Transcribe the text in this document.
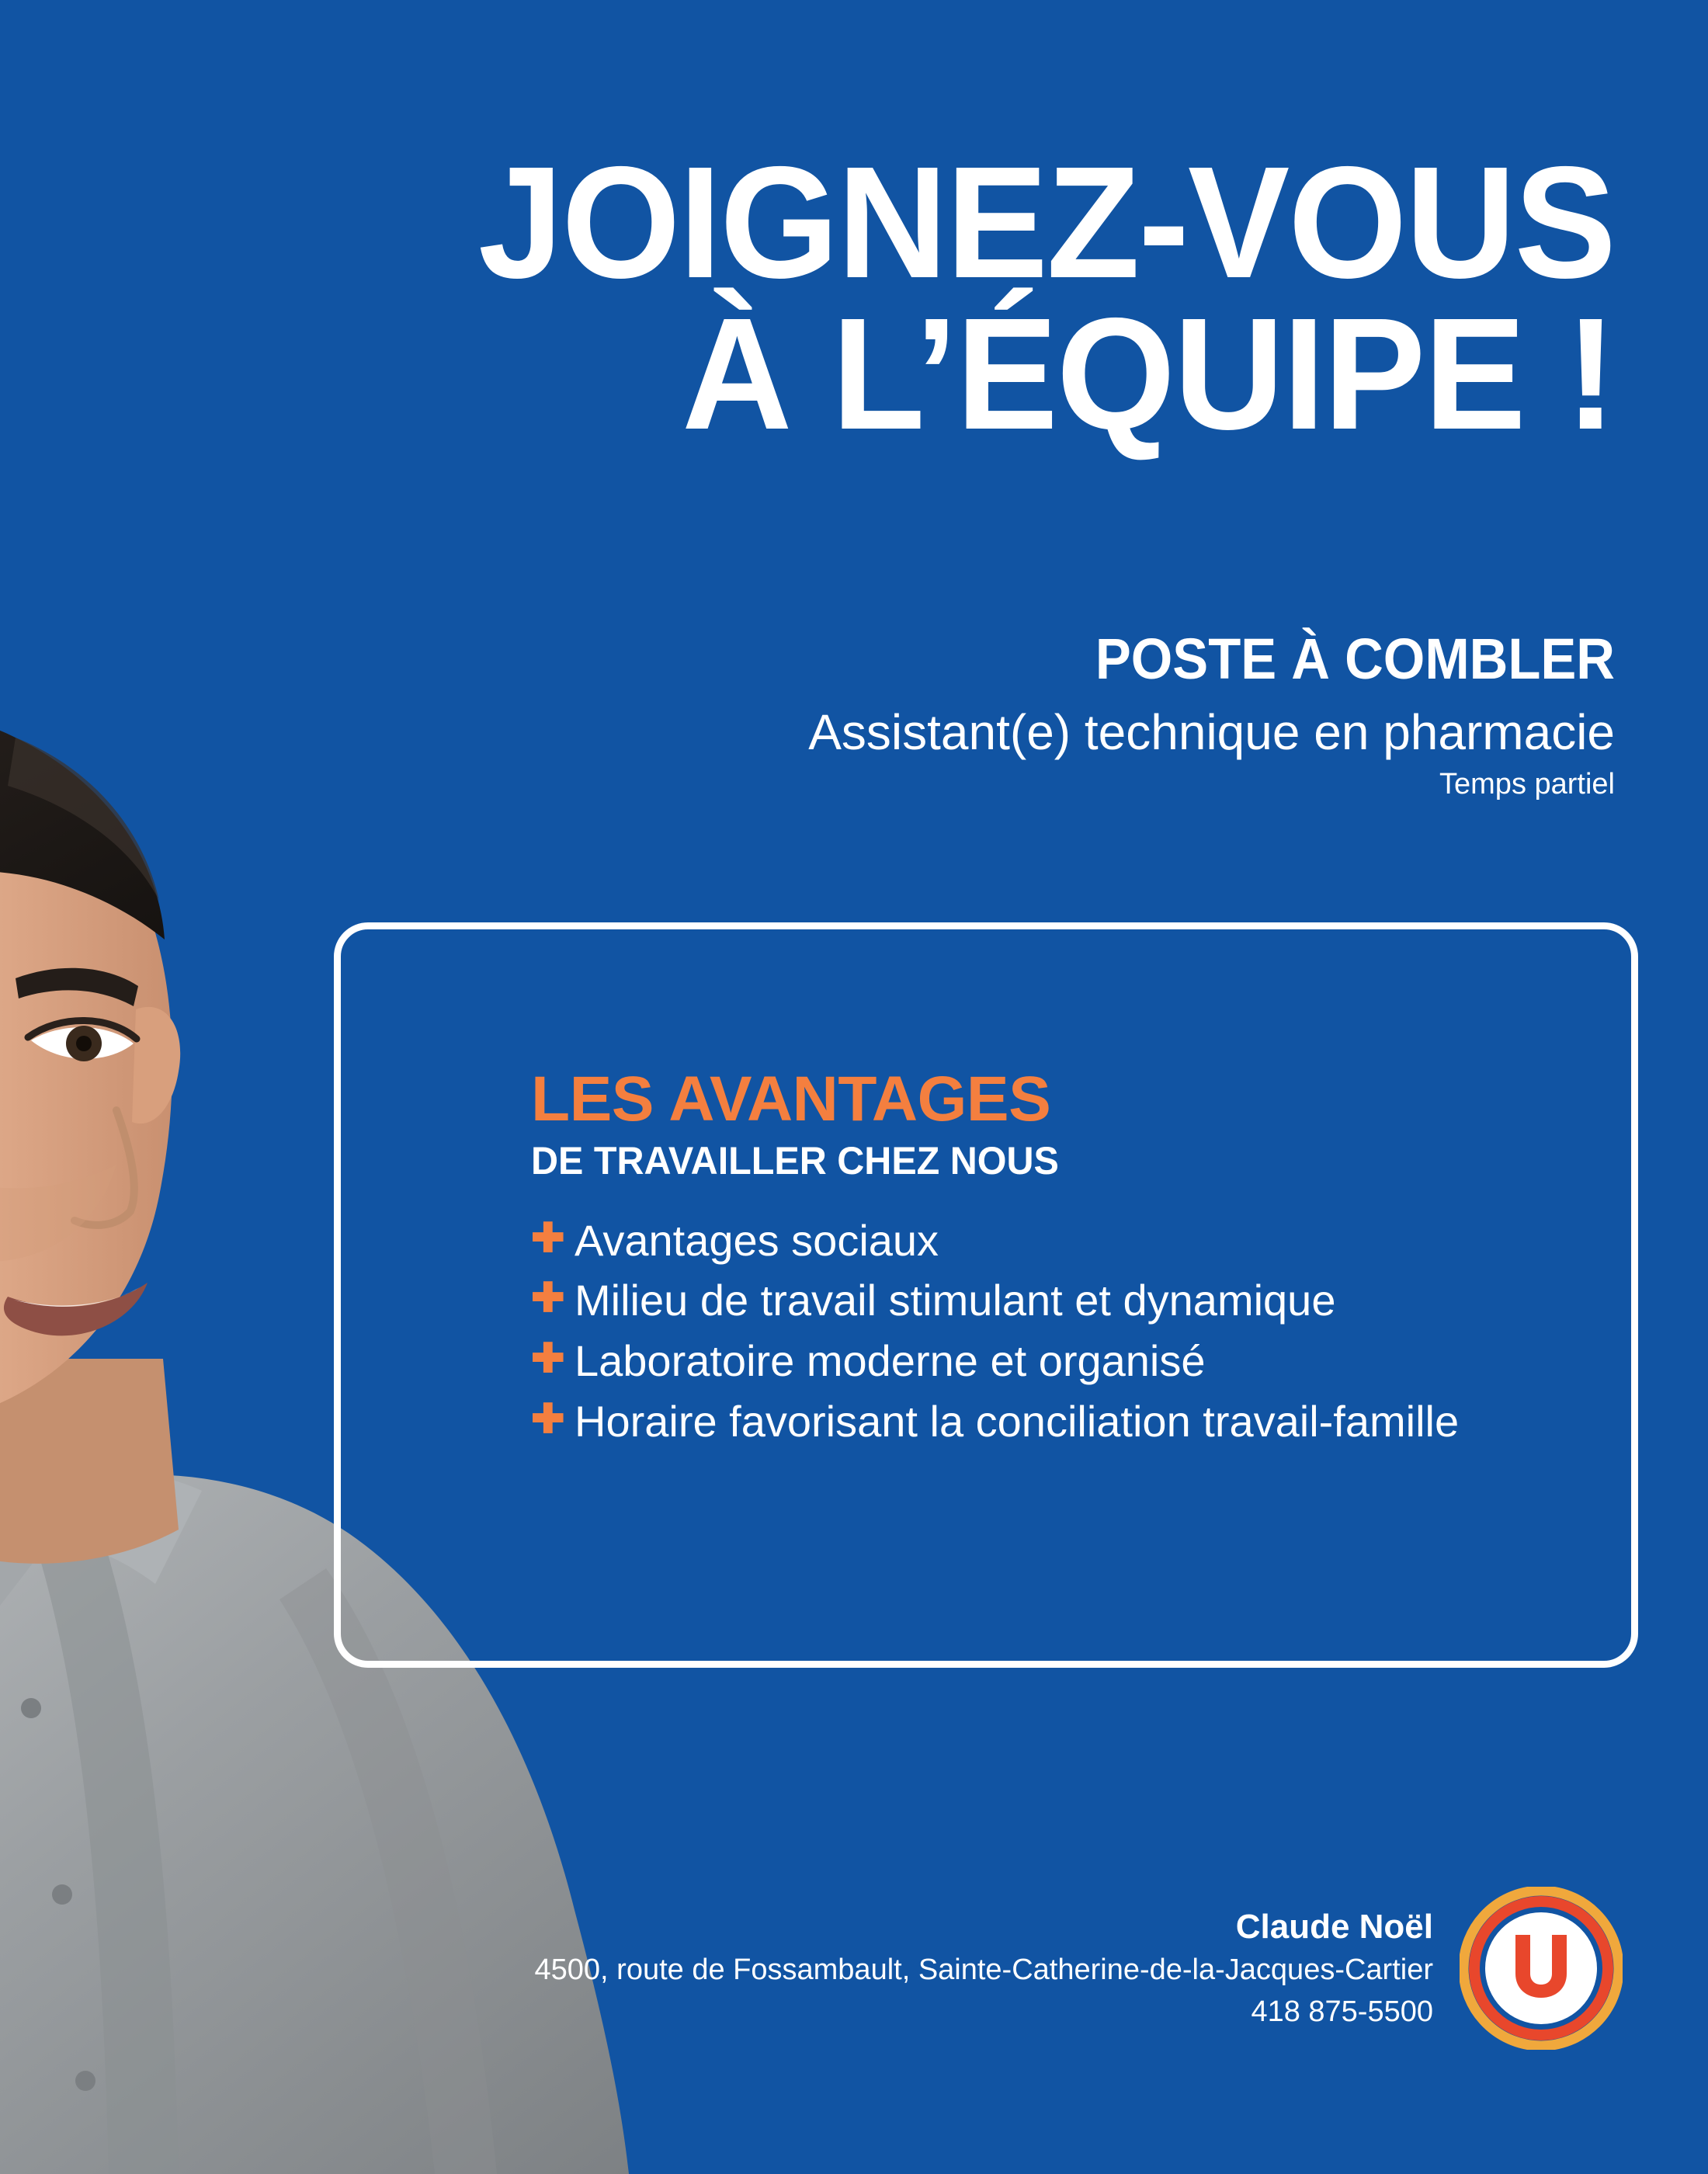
JOIGNEZ-VOUS
À L’ÉQUIPE !
POSTE À COMBLER
Assistant(e) technique en pharmacie
Temps partiel
LES AVANTAGES
DE TRAVAILLER CHEZ NOUS
✚ Avantages sociaux
✚ Milieu de travail stimulant et dynamique
✚ Laboratoire moderne et organisé
✚ Horaire favorisant la conciliation travail-famille
Claude Noël
4500, route de Fossambault, Sainte-Catherine-de-la-Jacques-Cartier
418 875-5500
